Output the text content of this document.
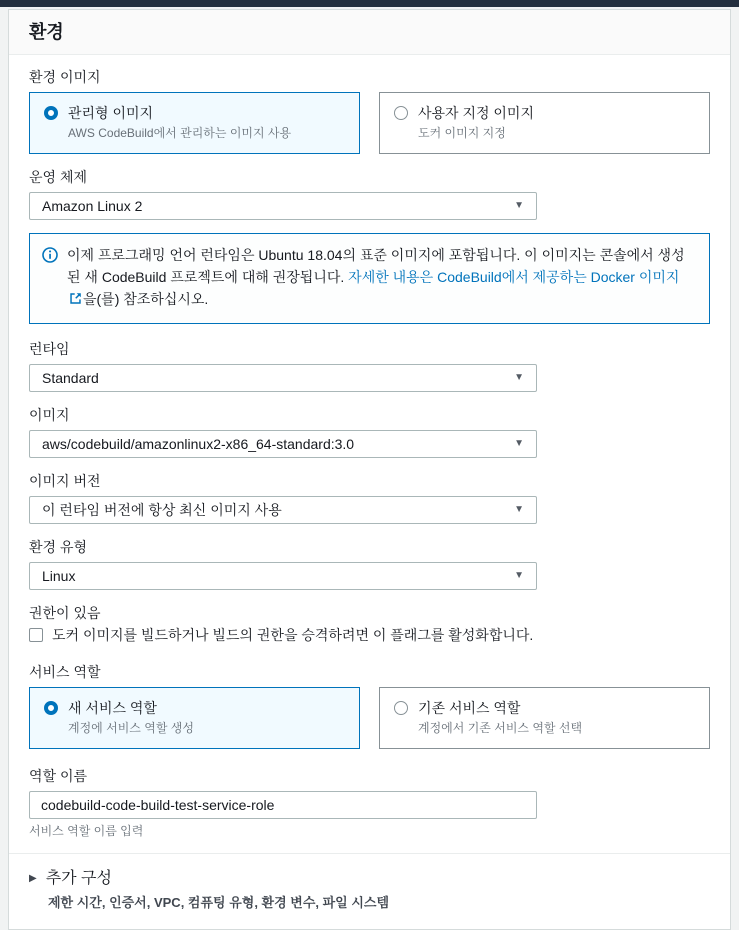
환경
환경 이미지
관리형 이미지
AWS CodeBuild에서 관리하는 이미지 사용
사용자 지정 이미지
도커 이미지 지정
운영 체제
Amazon Linux 2	▼
이제 프로그래밍 언어 런타임은 Ubuntu 18.04의 표준 이미지에 포함됩니다. 이 이미지는 콘솔에서 생성된 새 CodeBuild 프로젝트에 대해 권장됩니다. 자세한 내용은 CodeBuild에서 제공하는 Docker 이미지을(를) 참조하십시오.
런타임
Standard	▼
이미지
aws/codebuild/amazonlinux2-x86_64-standard:3.0	▼
이미지 버전
이 런타임 버전에 항상 최신 이미지 사용	▼
환경 유형
Linux	▼
권한이 있음
도커 이미지를 빌드하거나 빌드의 권한을 승격하려면 이 플래그를 활성화합니다.
서비스 역할
새 서비스 역할
계정에 서비스 역할 생성
기존 서비스 역할
계정에서 기존 서비스 역할 선택
역할 이름
codebuild-code-build-test-service-role
서비스 역할 이름 입력
▶ 추가 구성
제한 시간, 인증서, VPC, 컴퓨팅 유형, 환경 변수, 파일 시스템
